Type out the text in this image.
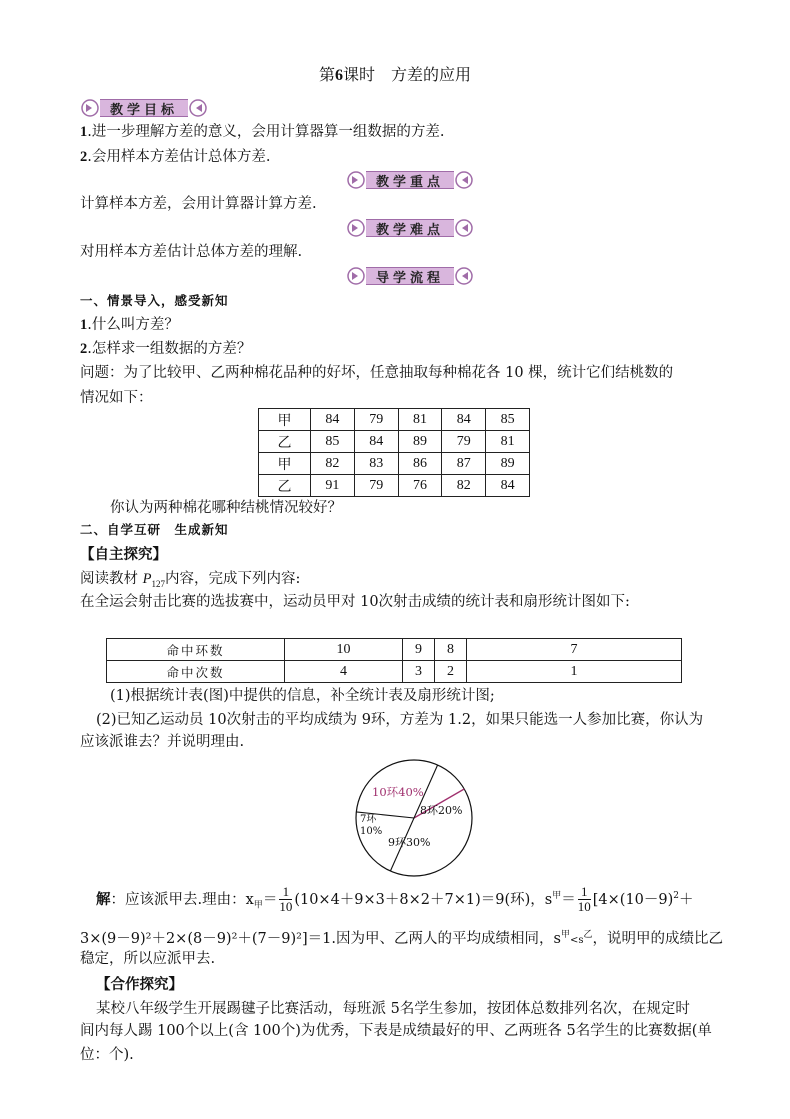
第6课时　方差的应用
教学目标
1.进一步理解方差的意义，会用计算器算一组数据的方差.
2.会用样本方差估计总体方差.
教学重点
计算样本方差，会用计算器计算方差.
教学难点
对用样本方差估计总体方差的理解.
导学流程
一、情景导入，感受新知
1.什么叫方差？
2.怎样求一组数据的方差？
问题：为了比较甲、乙两种棉花品种的好坏，任意抽取每种棉花各 10 棵，统计它们结桃数的
情况如下：
甲	84	79	81	84	85
乙	85	84	89	79	81
甲	82	83	86	87	89
乙	91	79	76	82	84
你认为两种棉花哪种结桃情况较好？
二、自学互研　生成新知
【自主探究】
阅读教材 $P_{127}$内容，完成下列内容:
在全运会射击比赛的选拔赛中，运动员甲对 10次射击成绩的统计表和扇形统计图如下:
命中环数	10	9	8	7
命中次数	4	3	2	1
(1)根据统计表(图)中提供的信息，补全统计表及扇形统计图;
(2)已知乙运动员 10次射击的平均成绩为 9环，方差为 1.2，如果只能选一人参加比赛，你认为
应该派谁去？并说明理由.
10环40%
8环20%
9环30%
7环
10%
解：应该派甲去.理由：$x_甲= \frac{1}{10} (10\times 4+9\times 3+8\times 2+7\times 1)=9$(环)，$s^甲= \frac{1}{10} [4\times(10-9)^2+$
3×(9－9)²＋2×(8－9)²＋(7－9)²]＝1.因为甲、乙两人的平均成绩相同，$s^甲<s^乙$，说明甲的成绩比乙
稳定，所以应派甲去.
【合作探究】
某校八年级学生开展踢毽子比赛活动，每班派 5名学生参加，按团体总数排列名次，在规定时
间内每人踢 100个以上(含 100个)为优秀，下表是成绩最好的甲、乙两班各 5名学生的比赛数据(单
位：个).
